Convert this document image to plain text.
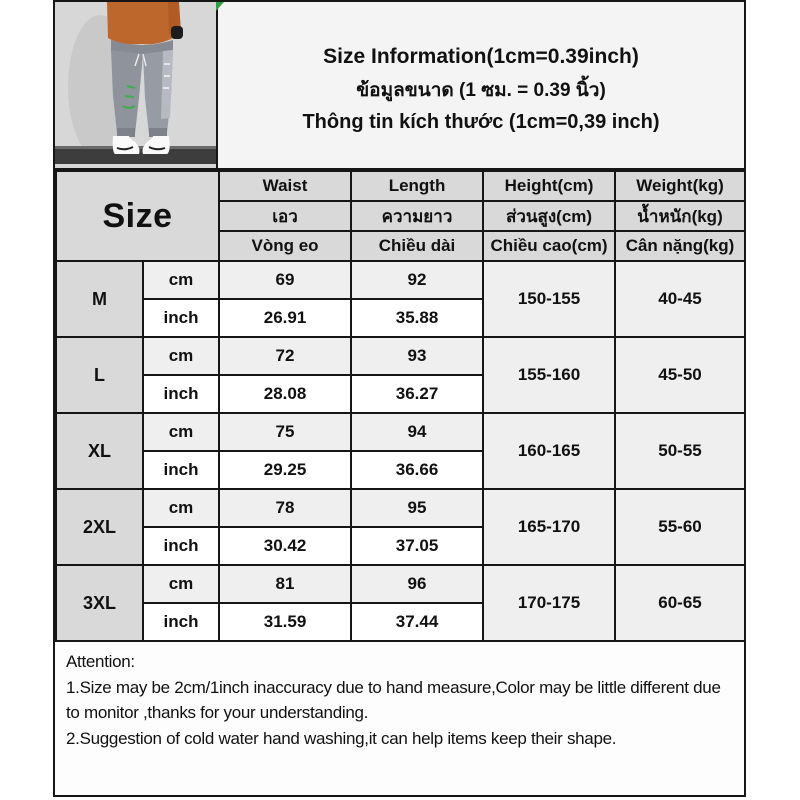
Size Information(1cm=0.39inch)
ข้อมูลขนาด (1 ซม. = 0.39 นิ้ว)
Thông tin kích thước (1cm=0,39 inch)
Size		Waist	Length	Height(cm)	Weight(kg)
		เอว	ความยาว	ส่วนสูง(cm)	น้ำหนัก(kg)
		Vòng eo	Chiều dài	Chiều cao(cm)	Cân nặng(kg)
M	cm	69	92	150-155	40-45
	inch	26.91	35.88		
L	cm	72	93	155-160	45-50
	inch	28.08	36.27		
XL	cm	75	94	160-165	50-55
	inch	29.25	36.66		
2XL	cm	78	95	165-170	55-60
	inch	30.42	37.05		
3XL	cm	81	96	170-175	60-65
	inch	31.59	37.44		

Attention:

1.Size may be 2cm/1inch inaccuracy due to hand measure,Color may be little different due to monitor ,thanks for your understanding.

2.Suggestion of cold water hand washing,it can help items keep their shape.
